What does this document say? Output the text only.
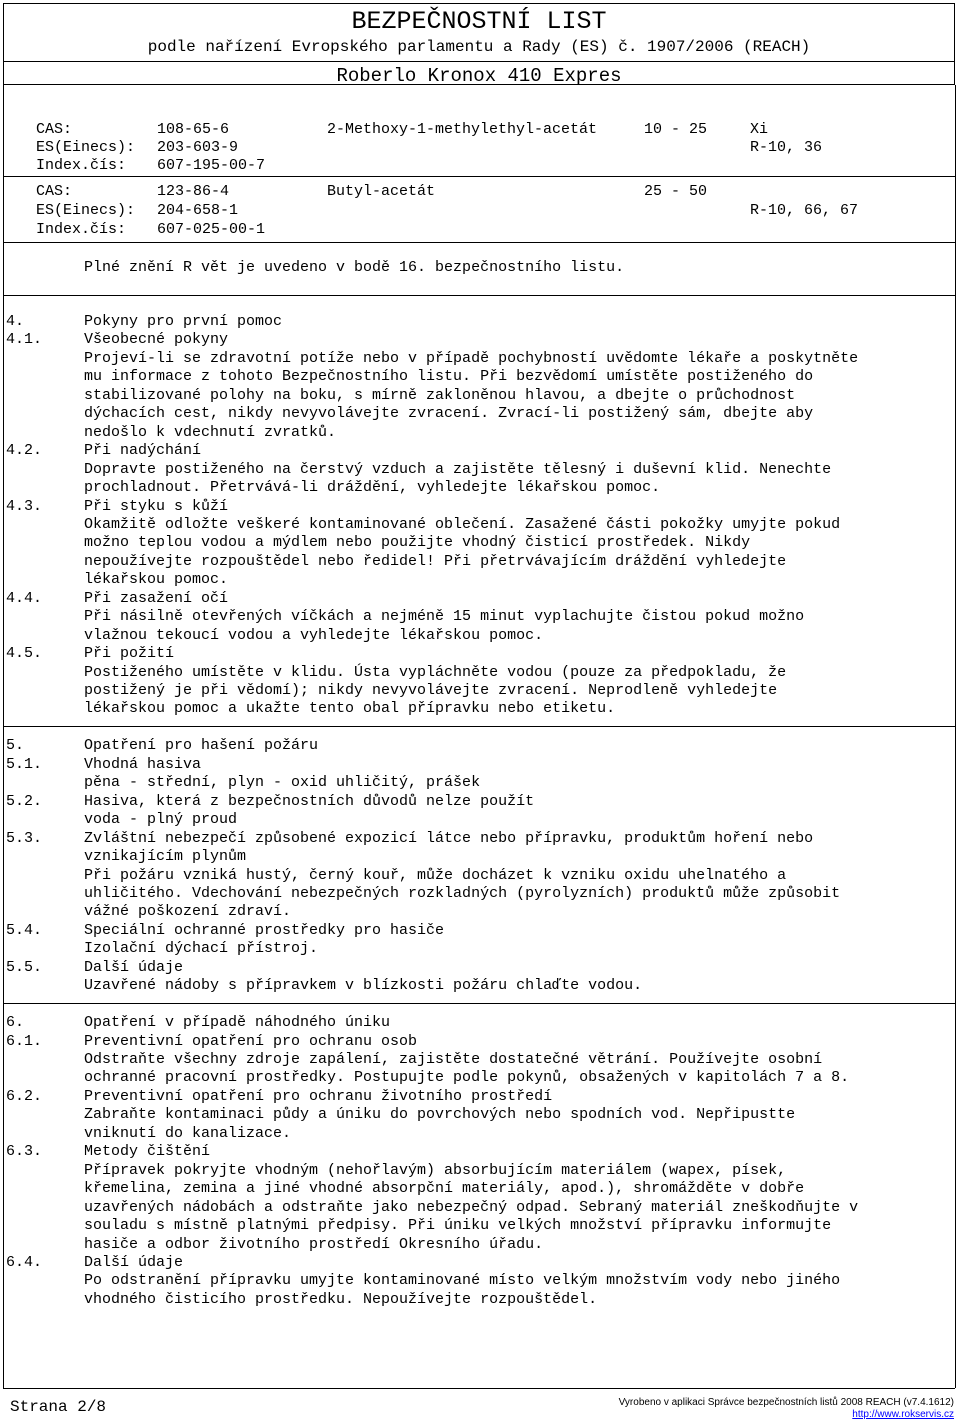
BEZPEČNOSTNÍ LIST
podle nařízení Evropského parlamentu a Rady (ES) č. 1907/2006 (REACH)
Roberlo Kronox 410 Expres
CAS:	108-65-6	2-Methoxy-1-methylethyl-acetát	10 - 25	Xi
ES(Einecs): 203-603-9	R-10, 36
Index.čís: 607-195-00-7
CAS:	123-86-4	Butyl-acetát	25 - 50
ES(Einecs): 204-658-1	R-10, 66, 67
Index.čís: 607-025-00-1
Plné znění R vět je uvedeno v bodě 16. bezpečnostního listu.
4.	Pokyny pro první pomoc
4.1.	Všeobecné pokyny
Projeví-li se zdravotní potíže nebo v případě pochybností uvědomte lékaře a poskytněte
mu informace z tohoto Bezpečnostního listu. Při bezvědomí umístěte postiženého do
stabilizované polohy na boku, s mírně zakloněnou hlavou, a dbejte o průchodnost
dýchacích cest, nikdy nevyvolávejte zvracení. Zvrací-li postižený sám, dbejte aby
nedošlo k vdechnutí zvratků.
4.2.	Při nadýchání
Dopravte postiženého na čerstvý vzduch a zajistěte tělesný i duševní klid. Nenechte
prochladnout. Přetrvává-li dráždění, vyhledejte lékařskou pomoc.
4.3.	Při styku s kůží
Okamžitě odložte veškeré kontaminované oblečení. Zasažené části pokožky umyjte pokud
možno teplou vodou a mýdlem nebo použijte vhodný čisticí prostředek. Nikdy
nepoužívejte rozpouštědel nebo ředidel! Při přetrvávajícím dráždění vyhledejte
lékařskou pomoc.
4.4.	Při zasažení očí
Při násilně otevřených víčkách a nejméně 15 minut vyplachujte čistou pokud možno
vlažnou tekoucí vodou a vyhledejte lékařskou pomoc.
4.5.	Při požití
Postiženého umístěte v klidu. Ústa vypláchněte vodou (pouze za předpokladu, že
postižený je při vědomí); nikdy nevyvolávejte zvracení. Neprodleně vyhledejte
lékařskou pomoc a ukažte tento obal přípravku nebo etiketu.
5.	Opatření pro hašení požáru
5.1.	Vhodná hasiva
pěna - střední, plyn - oxid uhličitý, prášek
5.2.	Hasiva, která z bezpečnostních důvodů nelze použít
voda - plný proud
5.3.	Zvláštní nebezpečí způsobené expozicí látce nebo přípravku, produktům hoření nebo
vznikajícím plynům
Při požáru vzniká hustý, černý kouř, může docházet k vzniku oxidu uhelnatého a
uhličitého. Vdechování nebezpečných rozkladných (pyrolyzních) produktů může způsobit
vážné poškození zdraví.
5.4.	Speciální ochranné prostředky pro hasiče
Izolační dýchací přístroj.
5.5.	Další údaje
Uzavřené nádoby s přípravkem v blízkosti požáru chlaďte vodou.
6.	Opatření v případě náhodného úniku
6.1.	Preventivní opatření pro ochranu osob
Odstraňte všechny zdroje zapálení, zajistěte dostatečné větrání. Používejte osobní
ochranné pracovní prostředky. Postupujte podle pokynů, obsažených v kapitolách 7 a 8.
6.2.	Preventivní opatření pro ochranu životního prostředí
Zabraňte kontaminaci půdy a úniku do povrchových nebo spodních vod. Nepřipustte
vniknutí do kanalizace.
6.3.	Metody čištění
Přípravek pokryjte vhodným (nehořlavým) absorbujícím materiálem (wapex, písek,
křemelina, zemina a jiné vhodné absorpční materiály, apod.), shromážděte v dobře
uzavřených nádobách a odstraňte jako nebezpečný odpad. Sebraný materiál zneškodňujte v
souladu s místně platnými předpisy. Při úniku velkých množství přípravku informujte
hasiče a odbor životního prostředí Okresního úřadu.
6.4.	Další údaje
Po odstranění přípravku umyjte kontaminované místo velkým množstvím vody nebo jiného
vhodného čisticího prostředku. Nepoužívejte rozpouštědel.
Strana 2/8	Vyrobeno v aplikaci Správce bezpečnostních listů 2008 REACH (v7.4.1612)
http://www.rokservis.cz
